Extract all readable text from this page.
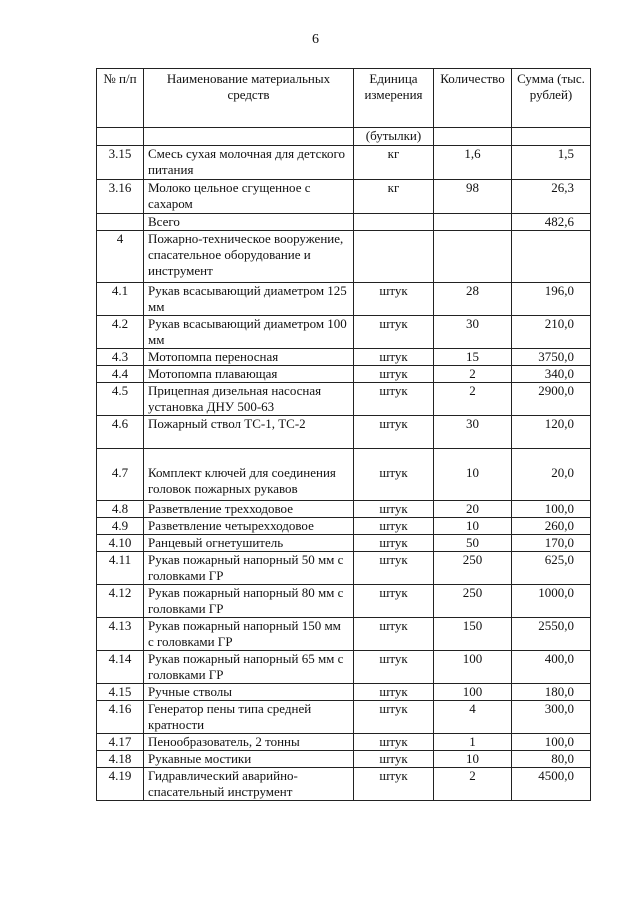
6
№ п/п	Наименование материальных средств	Единица измерения	Количество	Сумма (тыс. рублей)
		(бутылки)		
3.15	Смесь сухая молочная для детского питания	кг	1,6	1,5
3.16	Молоко цельное сгущенное с сахаром	кг	98	26,3
	Всего			482,6
4	Пожарно-техническое вооружение, спасательное оборудование и инструмент			
4.1	Рукав всасывающий диаметром 125 мм	штук	28	196,0
4.2	Рукав всасывающий диаметром 100 мм	штук	30	210,0
4.3	Мотопомпа переносная	штук	15	3750,0
4.4	Мотопомпа плавающая	штук	2	340,0
4.5	Прицепная дизельная насосная установка ДНУ 500-63	штук	2	2900,0
4.6	Пожарный ствол ТС-1, ТС-2	штук	30	120,0
4.7	Комплект ключей для соединения головок пожарных рукавов	штук	10	20,0
4.8	Разветвление трехходовое	штук	20	100,0
4.9	Разветвление четырехходовое	штук	10	260,0
4.10	Ранцевый огнетушитель	штук	50	170,0
4.11	Рукав пожарный напорный 50 мм с головками ГР	штук	250	625,0
4.12	Рукав пожарный напорный 80 мм с головками ГР	штук	250	1000,0
4.13	Рукав пожарный напорный 150 мм с головками ГР	штук	150	2550,0
4.14	Рукав пожарный напорный 65 мм с головками ГР	штук	100	400,0
4.15	Ручные стволы	штук	100	180,0
4.16	Генератор пены типа средней кратности	штук	4	300,0
4.17	Пенообразователь, 2 тонны	штук	1	100,0
4.18	Рукавные мостики	штук	10	80,0
4.19	Гидравлический аварийно-спасательный инструмент	штук	2	4500,0
